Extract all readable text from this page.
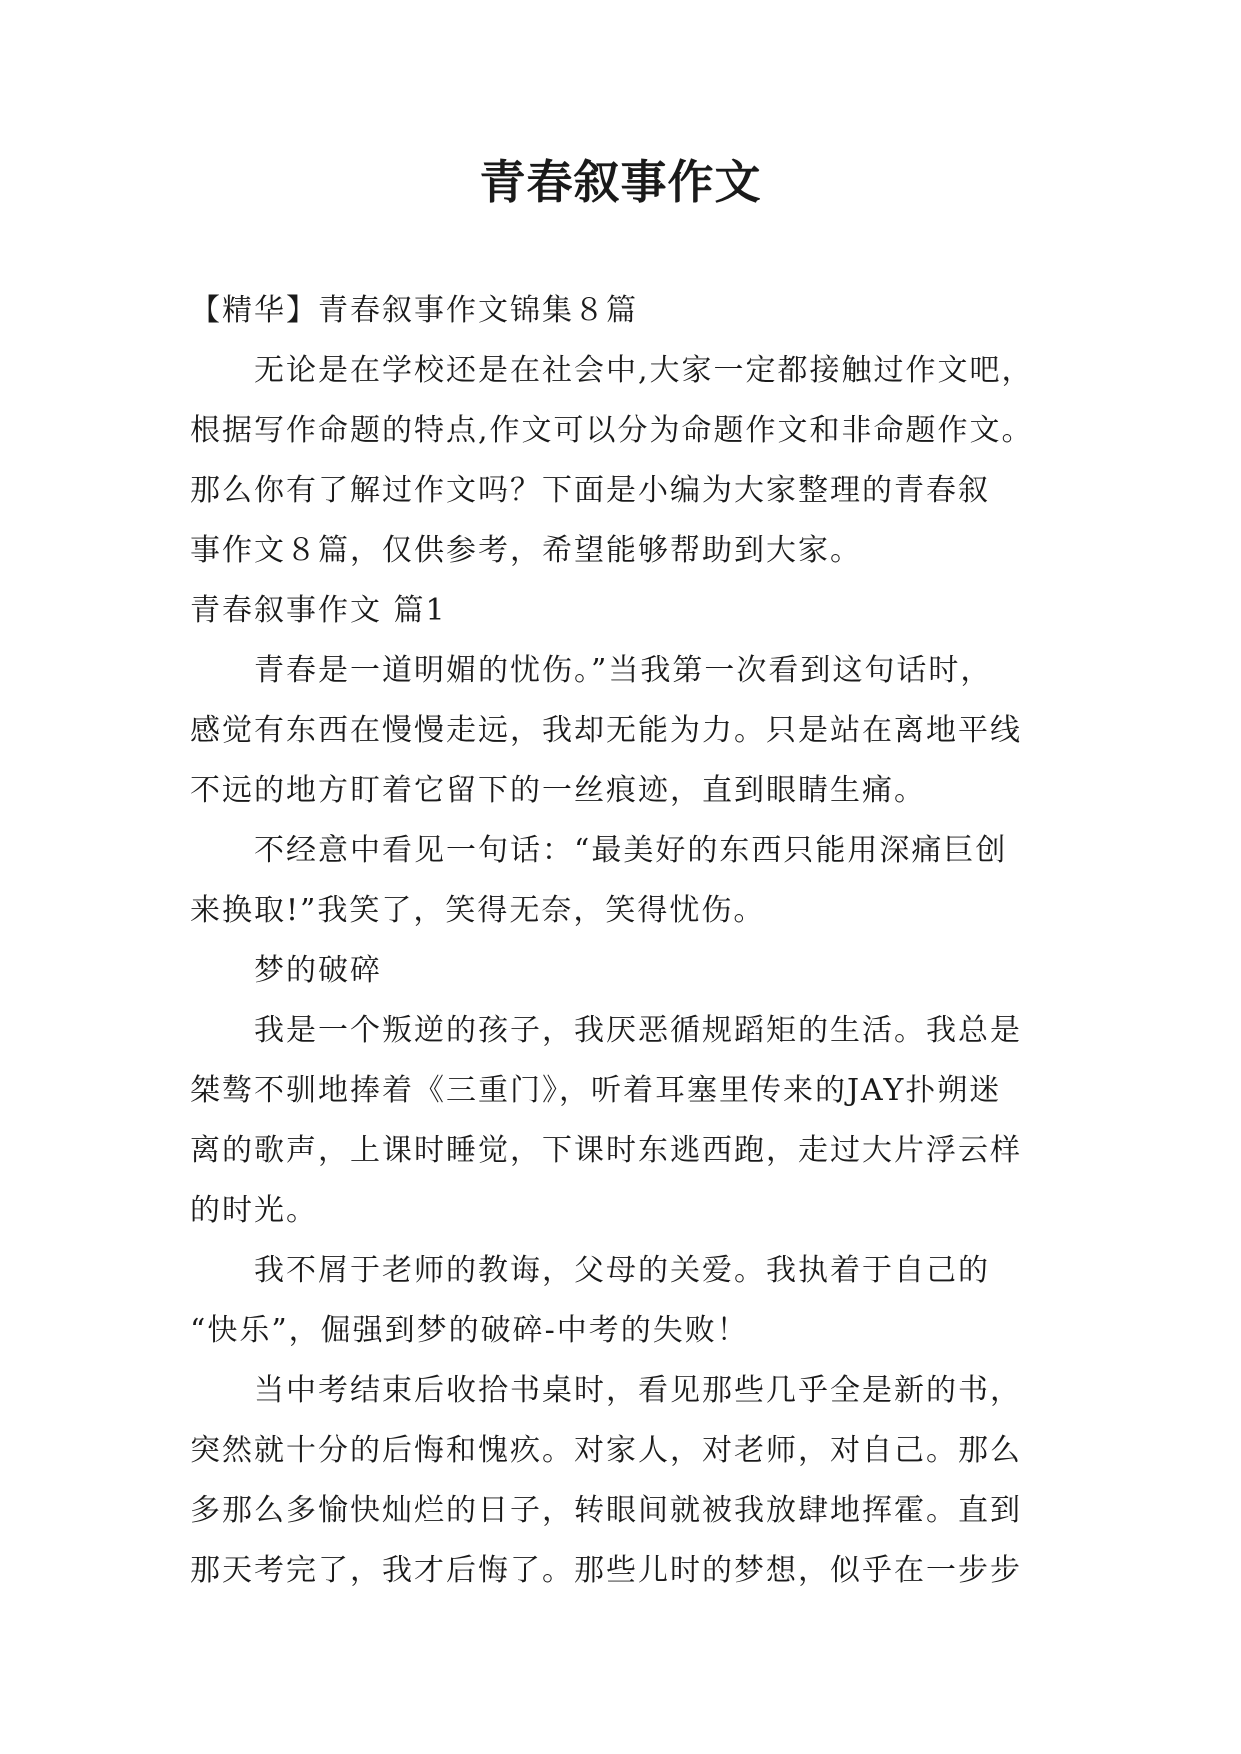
青春叙事作文

【精华】青春叙事作文锦集８篇

无论是在学校还是在社会中,大家一定都接触过作文吧，

根据写作命题的特点,作文可以分为命题作文和非命题作文。

那么你有了解过作文吗？下面是小编为大家整理的青春叙

事作文８篇，仅供参考，希望能够帮助到大家。

青春叙事作文 篇1

青春是一道明媚的忧伤。”当我第一次看到这句话时，

感觉有东西在慢慢走远，我却无能为力。只是站在离地平线

不远的地方盯着它留下的一丝痕迹，直到眼睛生痛。

不经意中看见一句话：“最美好的东西只能用深痛巨创

来换取!”我笑了，笑得无奈，笑得忧伤。

梦的破碎

我是一个叛逆的孩子，我厌恶循规蹈矩的生活。我总是

桀骜不驯地捧着《三重门》，听着耳塞里传来的JAY扑朔迷

离的歌声，上课时睡觉，下课时东逃西跑，走过大片浮云样

的时光。

我不屑于老师的教诲，父母的关爱。我执着于自己的

“快乐”，倔强到梦的破碎-中考的失败！

当中考结束后收拾书桌时，看见那些几乎全是新的书，

突然就十分的后悔和愧疚。对家人，对老师，对自己。那么

多那么多愉快灿烂的日子，转眼间就被我放肆地挥霍。直到

那天考完了，我才后悔了。那些儿时的梦想，似乎在一步步
